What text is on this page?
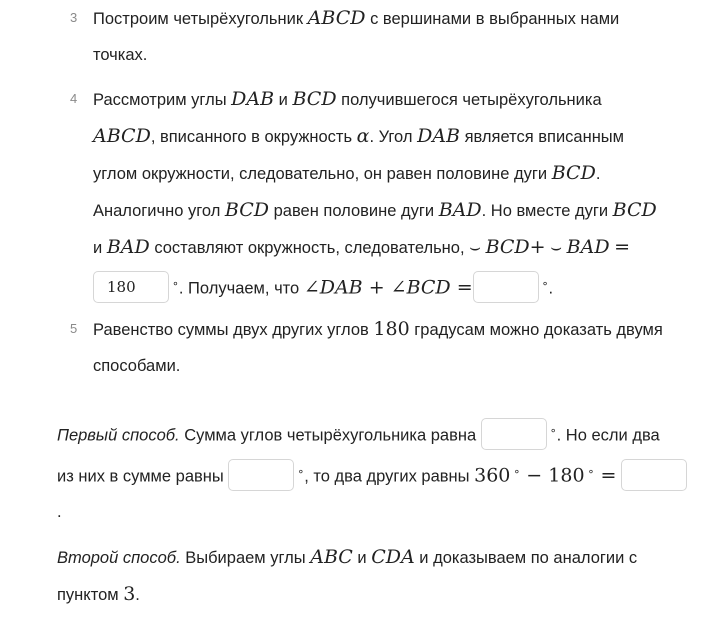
3 Построим четырёхугольник ABCD с вершинами в выбранных нами
точках.
4 Рассмотрим углы DAB и BCD получившегося четырёхугольника
ABCD, вписанного в окружность α. Угол DAB является вписанным
углом окружности, следовательно, он равен половине дуги BCD.
Аналогично угол BCD равен половине дуги BAD. Но вместе дуги BCD
и BAD составляют окружность, следовательно, ⌣ BCD+ ⌣ BAD =
180	∘. Получаем, что ∠DAB + ∠BCD =	∘.
5 Равенство суммы двух других углов 180 градусам можно доказать двумя
способами.
Первый способ. Сумма углов четырёхугольника равна	∘. Но если два
из них в сумме равны	∘, то два других равны 360 ∘ − 180 ∘ =
.
Второй способ. Выбираем углы ABC и CDA и доказываем по аналогии с
пунктом 3.
